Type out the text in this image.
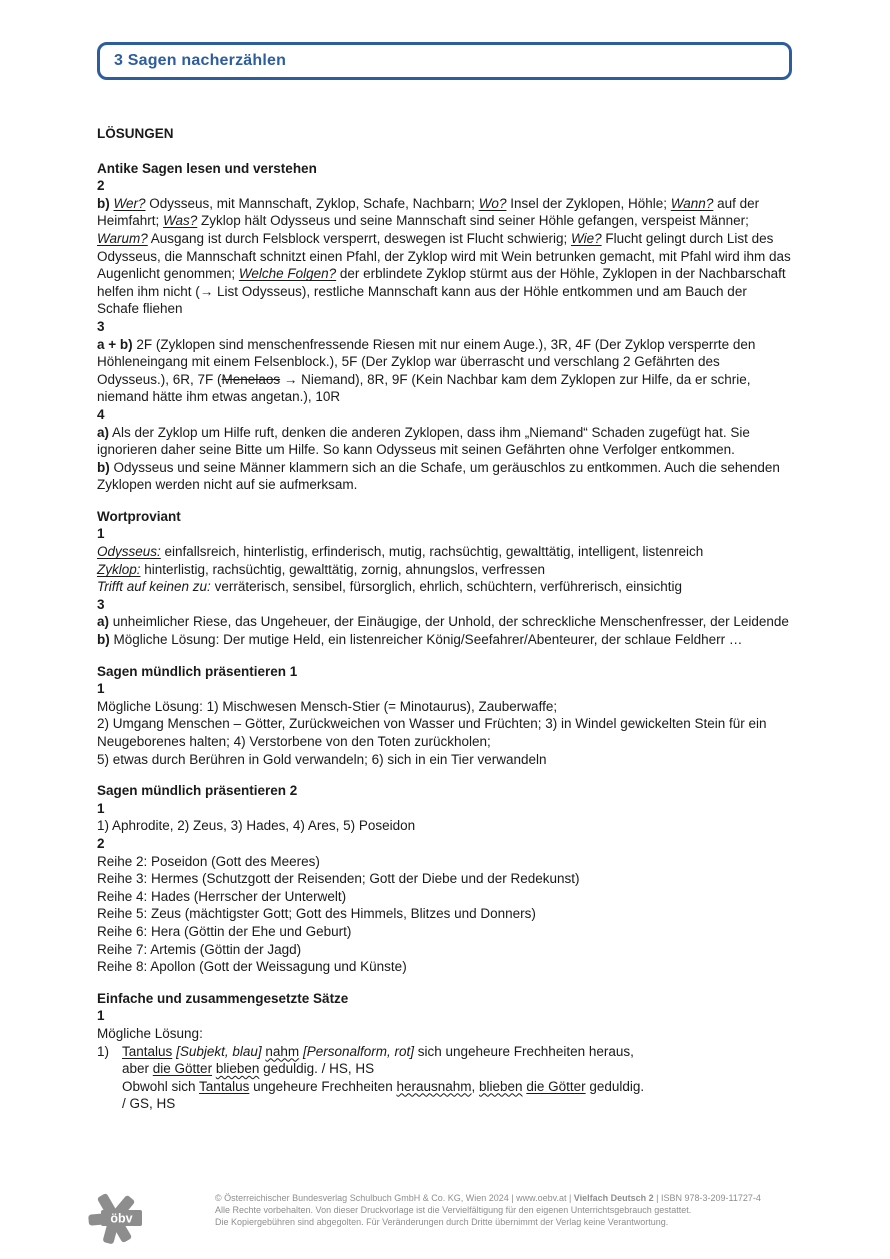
3 Sagen nacherzählen
LÖSUNGEN
Antike Sagen lesen und verstehen
2
b) Wer? Odysseus, mit Mannschaft, Zyklop, Schafe, Nachbarn; Wo? Insel der Zyklopen, Höhle; Wann? auf der Heimfahrt; Was? Zyklop hält Odysseus und seine Mannschaft sind seiner Höhle gefangen, verspeist Männer; Warum? Ausgang ist durch Felsblock versperrt, deswegen ist Flucht schwierig; Wie? Flucht gelingt durch List des Odysseus, die Mannschaft schnitzt einen Pfahl, der Zyklop wird mit Wein betrunken gemacht, mit Pfahl wird ihm das Augenlicht genommen; Welche Folgen? der erblindete Zyklop stürmt aus der Höhle, Zyklopen in der Nachbarschaft helfen ihm nicht (→ List Odysseus), restliche Mannschaft kann aus der Höhle entkommen und am Bauch der Schafe fliehen
3
a + b) 2F (Zyklopen sind menschenfressende Riesen mit nur einem Auge.), 3R, 4F (Der Zyklop versperrte den Höhleneingang mit einem Felsenblock.), 5F (Der Zyklop war überrascht und verschlang 2 Gefährten des Odysseus.), 6R, 7F (Menelaos → Niemand), 8R, 9F (Kein Nachbar kam dem Zyklopen zur Hilfe, da er schrie, niemand hätte ihm etwas angetan.), 10R
4
a) Als der Zyklop um Hilfe ruft, denken die anderen Zyklopen, dass ihm „Niemand“ Schaden zugefügt hat. Sie ignorieren daher seine Bitte um Hilfe. So kann Odysseus mit seinen Gefährten ohne Verfolger entkommen.
b) Odysseus und seine Männer klammern sich an die Schafe, um geräuschlos zu entkommen. Auch die sehenden Zyklopen werden nicht auf sie aufmerksam.
Wortproviant
1
Odysseus: einfallsreich, hinterlistig, erfinderisch, mutig, rachsüchtig, gewalttätig, intelligent, listenreich
Zyklop: hinterlistig, rachsüchtig, gewalttätig, zornig, ahnungslos, verfressen
Trifft auf keinen zu: verräterisch, sensibel, fürsorglich, ehrlich, schüchtern, verführerisch, einsichtig
3
a) unheimlicher Riese, das Ungeheuer, der Einäugige, der Unhold, der schreckliche Menschenfresser, der Leidende
b) Mögliche Lösung: Der mutige Held, ein listenreicher König/Seefahrer/Abenteurer, der schlaue Feldherr …
Sagen mündlich präsentieren 1
1
Mögliche Lösung: 1) Mischwesen Mensch-Stier (= Minotaurus), Zauberwaffe;
2) Umgang Menschen – Götter, Zurückweichen von Wasser und Früchten; 3) in Windel gewickelten Stein für ein Neugeborenes halten; 4) Verstorbene von den Toten zurückholen;
5) etwas durch Berühren in Gold verwandeln; 6) sich in ein Tier verwandeln
Sagen mündlich präsentieren 2
1
1) Aphrodite, 2) Zeus, 3) Hades, 4) Ares, 5) Poseidon
2
Reihe 2: Poseidon (Gott des Meeres)
Reihe 3: Hermes (Schutzgott der Reisenden; Gott der Diebe und der Redekunst)
Reihe 4: Hades (Herrscher der Unterwelt)
Reihe 5: Zeus (mächtigster Gott; Gott des Himmels, Blitzes und Donners)
Reihe 6: Hera (Göttin der Ehe und Geburt)
Reihe 7: Artemis (Göttin der Jagd)
Reihe 8: Apollon (Gott der Weissagung und Künste)
Einfache und zusammengesetzte Sätze
1
Mögliche Lösung:
1) Tantalus [Subjekt, blau] nahm [Personalform, rot] sich ungeheure Frechheiten heraus,
aber die Götter blieben geduldig. / HS, HS
Obwohl sich Tantalus ungeheure Frechheiten herausnahm, blieben die Götter geduldig.
/ GS, HS
öbv
© Österreichischer Bundesverlag Schulbuch GmbH & Co. KG, Wien 2024 | www.oebv.at | Vielfach Deutsch 2 | ISBN 978-3-209-11727-4
Alle Rechte vorbehalten. Von dieser Druckvorlage ist die Vervielfältigung für den eigenen Unterrichtsgebrauch gestattet.
Die Kopiergebühren sind abgegolten. Für Veränderungen durch Dritte übernimmt der Verlag keine Verantwortung.
